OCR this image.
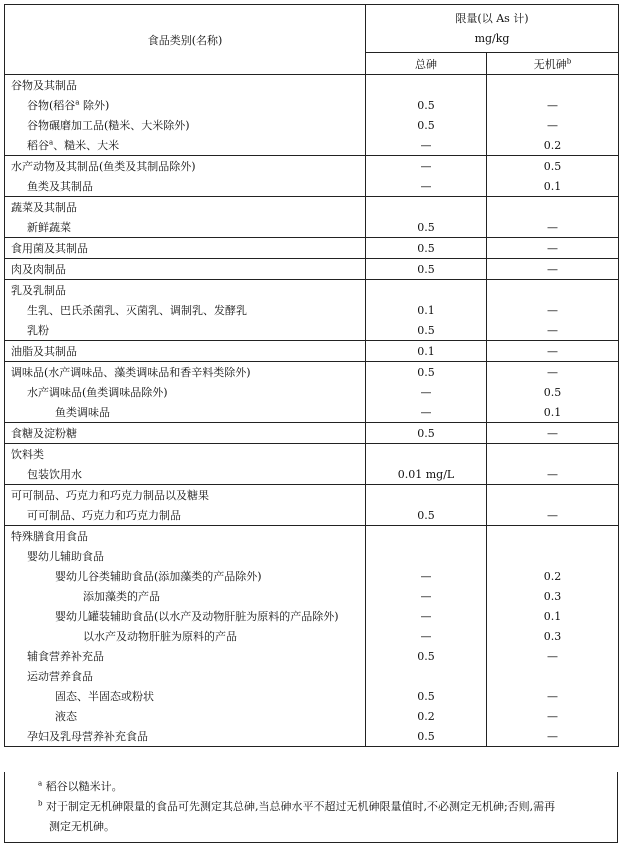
食品类别(名称)	限量(以 As 计)
mg/kg	

	总砷	无机砷$^b$
谷物及其制品		
谷物(稻谷$^a$ 除外)	0.5	—
谷物碾磨加工品(糙米、大米除外)	0.5	—
稻谷$^a$、糙米、大米	—	0.2
水产动物及其制品(鱼类及其制品除外)	—	0.5
鱼类及其制品	—	0.1
蔬菜及其制品		
新鲜蔬菜	0.5	—
食用菌及其制品	0.5	—
肉及肉制品	0.5	—
乳及乳制品		
生乳、巴氏杀菌乳、灭菌乳、调制乳、发酵乳	0.1	—
乳粉	0.5	—
油脂及其制品	0.1	—
调味品(水产调味品、藻类调味品和香辛料类除外)	0.5	—
水产调味品(鱼类调味品除外)	—	0.5
鱼类调味品	—	0.1
食糖及淀粉糖	0.5	—
饮料类		
包装饮用水	0.01 mg/L	—
可可制品、巧克力和巧克力制品以及糖果		
可可制品、巧克力和巧克力制品	0.5	—
特殊膳食用食品		
婴幼儿辅助食品		
婴幼儿谷类辅助食品(添加藻类的产品除外)	—	0.2
添加藻类的产品	—	0.3
婴幼儿罐装辅助食品(以水产及动物肝脏为原料的产品除外)	—	0.1
以水产及动物肝脏为原料的产品	—	0.3
辅食营养补充品	0.5	—
运动营养食品		
固态、半固态或粉状	0.5	—
液态	0.2	—
孕妇及乳母营养补充食品	0.5	—
$^a$ 稻谷以糙米计。
$^b$ 对于制定无机砷限量的食品可先测定其总砷,当总砷水平不超过无机砷限量值时,不必测定无机砷;否则,需再
测定无机砷。
